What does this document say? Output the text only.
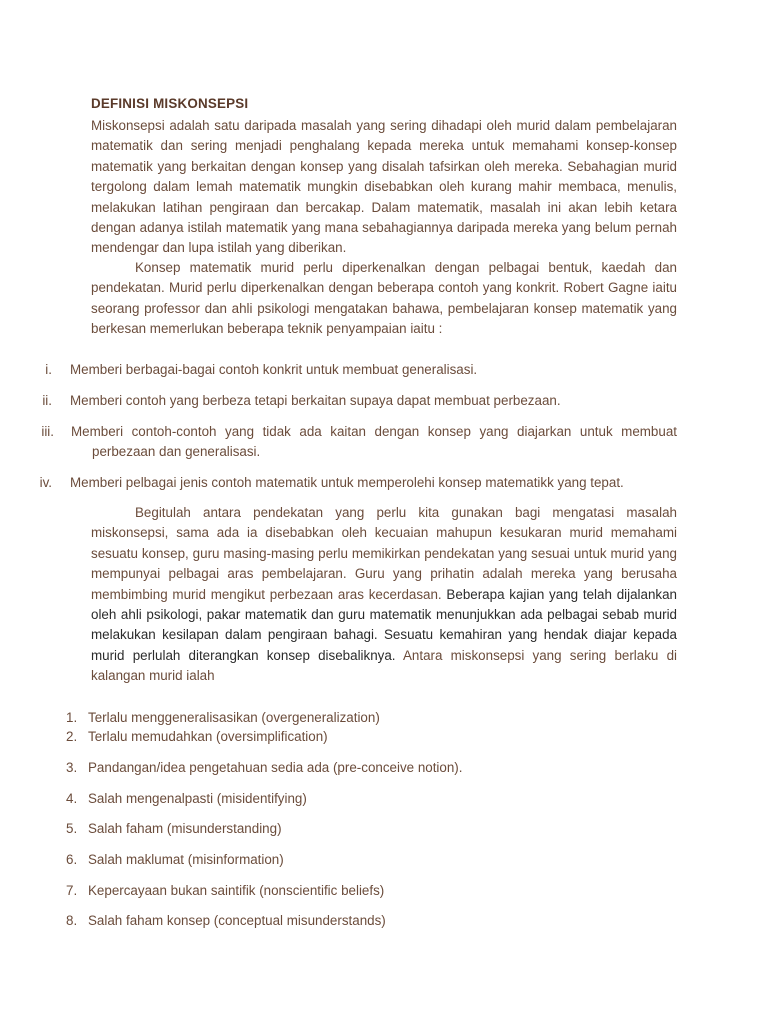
DEFINISI MISKONSEPSI

Miskonsepsi adalah satu daripada masalah yang sering dihadapi oleh murid dalam pembelajaran matematik dan sering menjadi penghalang kepada mereka untuk memahami konsep-konsep matematik yang berkaitan dengan konsep yang disalah tafsirkan oleh mereka. Sebahagian murid tergolong dalam lemah matematik mungkin disebabkan oleh kurang mahir membaca, menulis, melakukan latihan pengiraan dan bercakap. Dalam matematik, masalah ini akan lebih ketara dengan adanya istilah matematik yang mana sebahagiannya daripada mereka yang belum pernah mendengar dan lupa istilah yang diberikan.

Konsep matematik murid perlu diperkenalkan dengan pelbagai bentuk, kaedah dan pendekatan. Murid perlu diperkenalkan dengan beberapa contoh yang konkrit. Robert Gagne iaitu seorang professor dan ahli psikologi mengatakan bahawa, pembelajaran konsep matematik yang berkesan memerlukan beberapa teknik penyampaian iaitu :

i. Memberi berbagai-bagai contoh konkrit untuk membuat generalisasi.
ii. Memberi contoh yang berbeza tetapi berkaitan supaya dapat membuat perbezaan.
iii. Memberi contoh-contoh yang tidak ada kaitan dengan konsep yang diajarkan untuk membuat perbezaan dan generalisasi.
iv. Memberi pelbagai jenis contoh matematik untuk memperolehi konsep matematikk yang tepat.

Begitulah antara pendekatan yang perlu kita gunakan bagi mengatasi masalah miskonsepsi, sama ada ia disebabkan oleh kecuaian mahupun kesukaran murid memahami sesuatu konsep, guru masing-masing perlu memikirkan pendekatan yang sesuai untuk murid yang mempunyai pelbagai aras pembelajaran. Guru yang prihatin adalah mereka yang berusaha membimbing murid mengikut perbezaan aras kecerdasan. Beberapa kajian yang telah dijalankan oleh ahli psikologi, pakar matematik dan guru matematik menunjukkan ada pelbagai sebab murid melakukan kesilapan dalam pengiraan bahagi. Sesuatu kemahiran yang hendak diajar kepada murid perlulah diterangkan konsep disebaliknya. Antara miskonsepsi yang sering berlaku di kalangan murid ialah

1. Terlalu menggeneralisasikan (overgeneralization)
2. Terlalu memudahkan (oversimplification)
3. Pandangan/idea pengetahuan sedia ada (pre-conceive notion).
4. Salah mengenalpasti (misidentifying)
5. Salah faham (misunderstanding)
6. Salah maklumat (misinformation)
7. Kepercayaan bukan saintifik (nonscientific beliefs)
8. Salah faham konsep (conceptual misunderstands)
